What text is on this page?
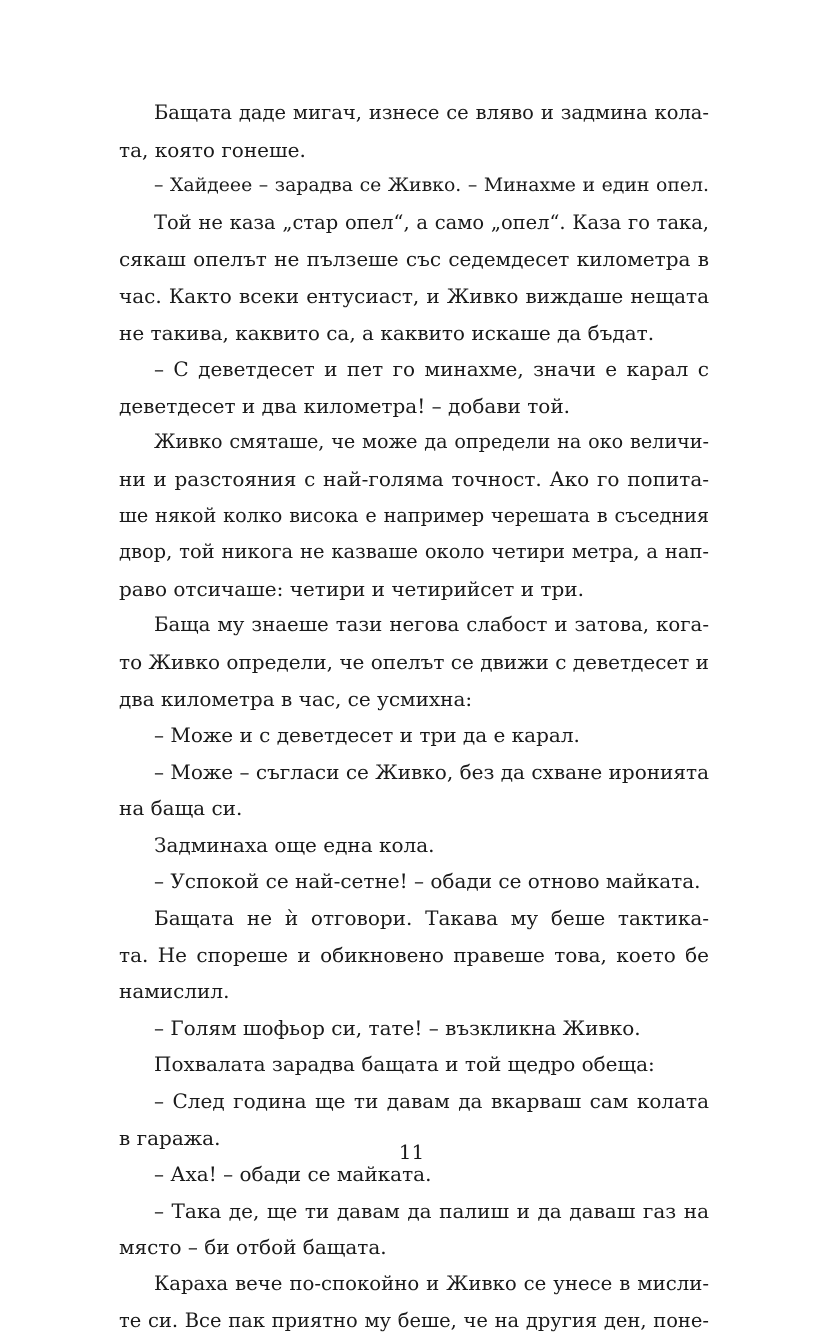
Бащата даде мигач, изнесе се вляво и задмина кола-
та, която гонеше.
– Хайдеее – зарадва се Живко. – Минахме и един опел.
Той не каза „стар опел“, а само „опел“. Каза го така,
сякаш опелът не пълзеше със седемдесет километра в
час. Както всеки ентусиаст, и Живко виждаше нещата
не такива, каквито са, а каквито искаше да бъдат.
– С деветдесет и пет го минахме, значи е карал с
деветдесет и два километра! – добави той.
Живко смяташе, че може да определи на око величи-
ни и разстояния с най-голяма точност. Ако го попита-
ше някой колко висока е например черешата в съседния
двор, той никога не казваше около четири метра, а нап-
раво отсичаше: четири и четирийсет и три.
Баща му знаеше тази негова слабост и затова, кога-
то Живко определи, че опелът се движи с деветдесет и
два километра в час, се усмихна:
– Може и с деветдесет и три да е карал.
– Може – съгласи се Живко, без да схване иронията
на баща си.
Задминаха още една кола.
– Успокой се най-сетне! – обади се отново майката.
Бащата не ѝ отговори. Такава му беше тактика-
та. Не спореше и обикновено правеше това, което бе
намислил.
– Голям шофьор си, тате! – възкликна Живко.
Похвалата зарадва бащата и той щедро обеща:
– След година ще ти давам да вкарваш сам колата
в гаража.
– Аха! – обади се майката.
– Така де, ще ти давам да палиш и да даваш газ на
място – би отбой бащата.
Караха вече по-спокойно и Живко се унесе в мисли-
те си. Все пак приятно му беше, че на другия ден, поне-
11
